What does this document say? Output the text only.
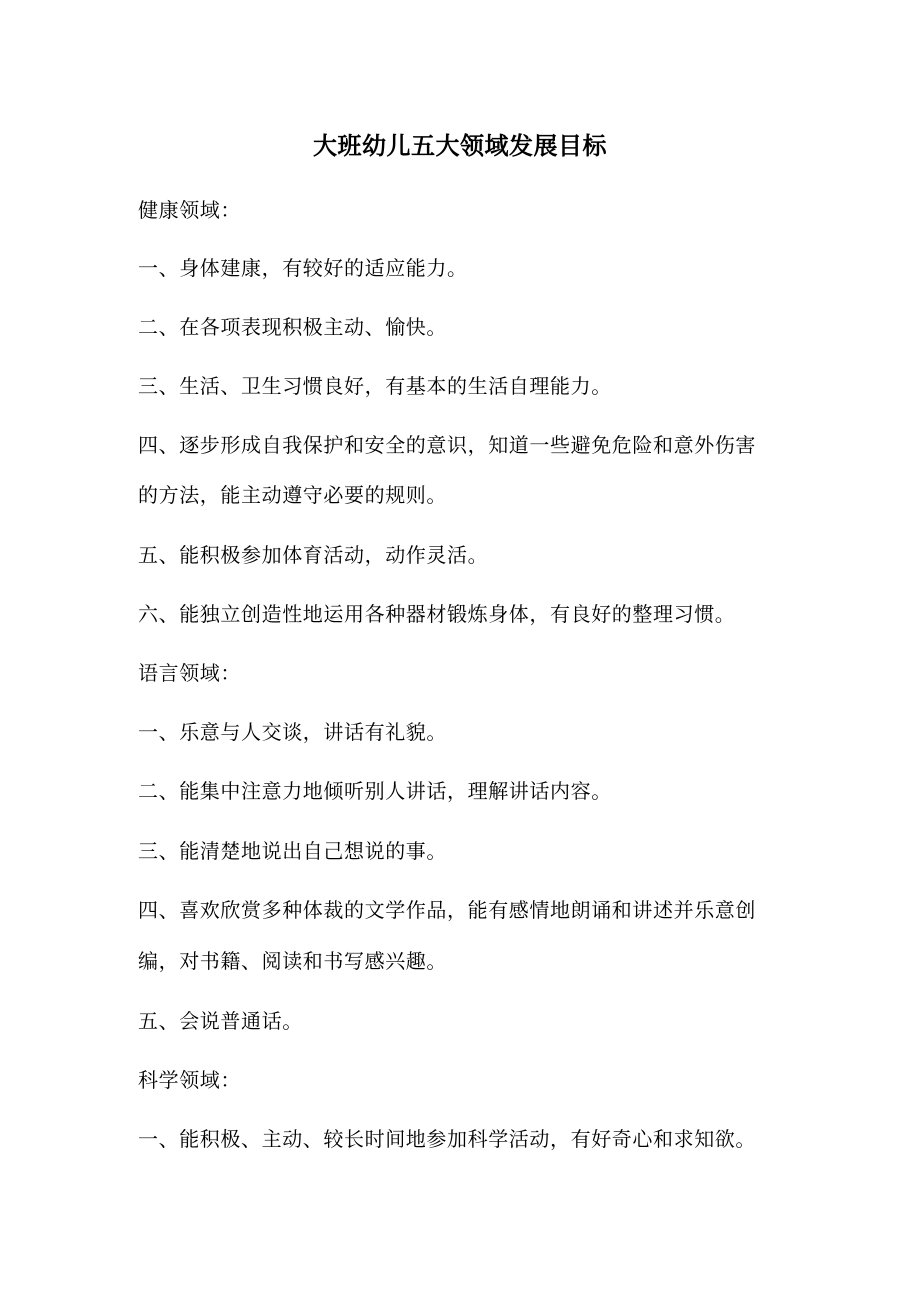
大班幼儿五大领域发展目标
健康领域：
一、身体建康，有较好的适应能力。
二、在各项表现积极主动、愉快。
三、生活、卫生习惯良好，有基本的生活自理能力。
四、逐步形成自我保护和安全的意识，知道一些避免危险和意外伤害
的方法，能主动遵守必要的规则。
五、能积极参加体育活动，动作灵活。
六、能独立创造性地运用各种器材锻炼身体，有良好的整理习惯。
语言领域：
一、乐意与人交谈，讲话有礼貌。
二、能集中注意力地倾听别人讲话，理解讲话内容。
三、能清楚地说出自己想说的事。
四、喜欢欣赏多种体裁的文学作品，能有感情地朗诵和讲述并乐意创
编，对书籍、阅读和书写感兴趣。
五、会说普通话。
科学领域：
一、能积极、主动、较长时间地参加科学活动，有好奇心和求知欲。
